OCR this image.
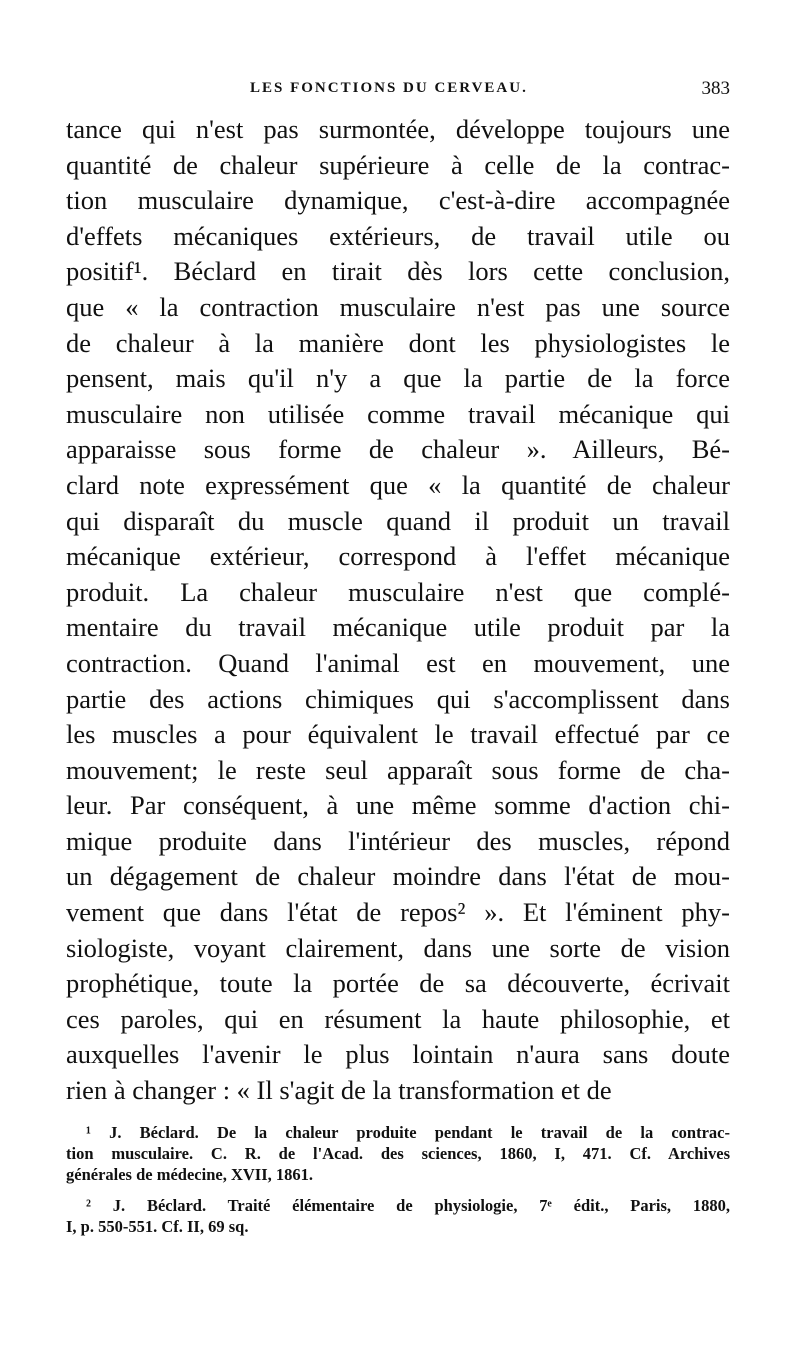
LES FONCTIONS DU CERVEAU.	383
tance qui n'est pas surmontée, développe toujours une
quantité de chaleur supérieure à celle de la contrac-
tion musculaire dynamique, c'est-à-dire accompagnée
d'effets mécaniques extérieurs, de travail utile ou
positif¹. Béclard en tirait dès lors cette conclusion,
que « la contraction musculaire n'est pas une source
de chaleur à la manière dont les physiologistes le
pensent, mais qu'il n'y a que la partie de la force
musculaire non utilisée comme travail mécanique qui
apparaisse sous forme de chaleur ». Ailleurs, Bé-
clard note expressément que « la quantité de chaleur
qui disparaît du muscle quand il produit un travail
mécanique extérieur, correspond à l'effet mécanique
produit. La chaleur musculaire n'est que complé-
mentaire du travail mécanique utile produit par la
contraction. Quand l'animal est en mouvement, une
partie des actions chimiques qui s'accomplissent dans
les muscles a pour équivalent le travail effectué par ce
mouvement; le reste seul apparaît sous forme de cha-
leur. Par conséquent, à une même somme d'action chi-
mique produite dans l'intérieur des muscles, répond
un dégagement de chaleur moindre dans l'état de mou-
vement que dans l'état de repos² ». Et l'éminent phy-
siologiste, voyant clairement, dans une sorte de vision
prophétique, toute la portée de sa découverte, écrivait
ces paroles, qui en résument la haute philosophie, et
auxquelles l'avenir le plus lointain n'aura sans doute
rien à changer : « Il s'agit de la transformation et de
¹ J. Béclard. De la chaleur produite pendant le travail de la contrac-
tion musculaire. C. R. de l'Acad. des sciences, 1860, I, 471. Cf. Archives
générales de médecine, XVII, 1861.
² J. Béclard. Traité élémentaire de physiologie, 7ᵉ édit., Paris, 1880,
I, p. 550-551. Cf. II, 69 sq.
